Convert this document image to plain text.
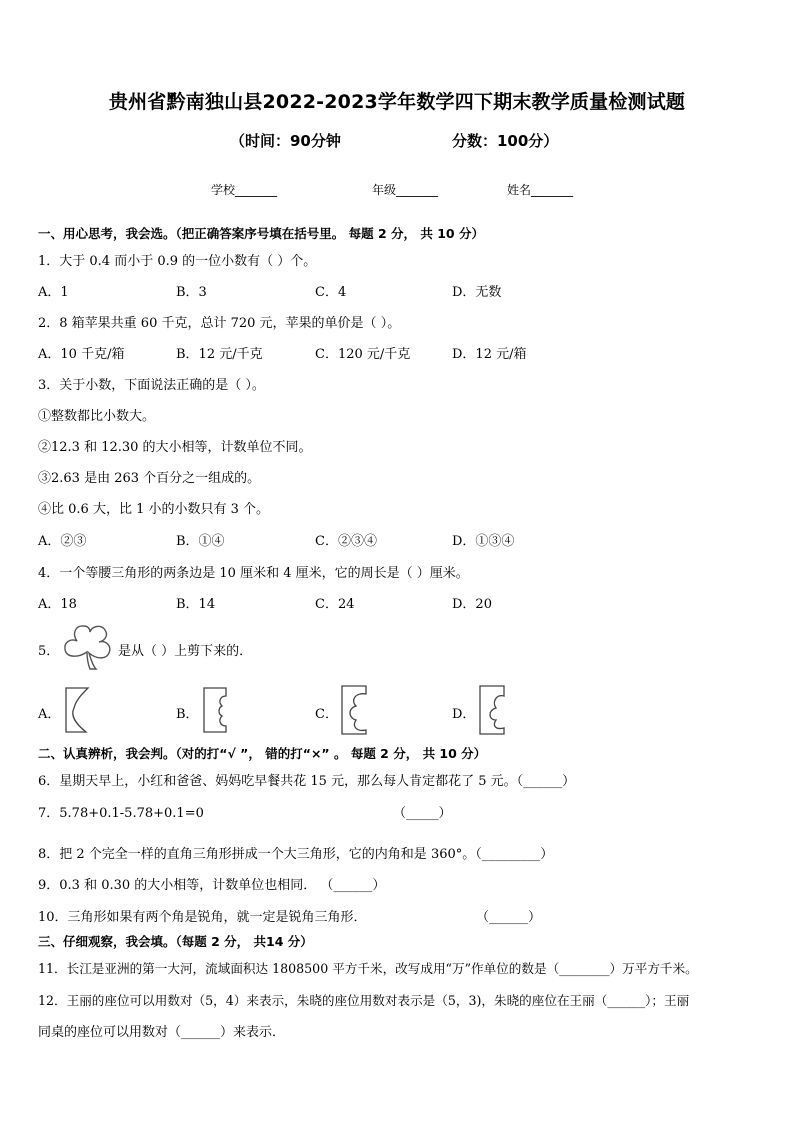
贵州省黔南独山县2022-2023学年数学四下期末教学质量检测试题
（时间：90分钟	分数：100分）
学校_______	年级_______	姓名_______
一、用心思考，我会选。（把正确答案序号填在括号里。 每题 2 分， 共 10 分）
1．大于 0.4 而小于 0.9 的一位小数有（ ）个。
A．1	B．3	C．4	D．无数
2．8 箱苹果共重 60 千克，总计 720 元，苹果的单价是（ ）。
A．10 千克/箱	B．12 元/千克	C．120 元/千克	D．12 元/箱
3．关于小数，下面说法正确的是（ ）。
①整数都比小数大。
②12.3 和 12.30 的大小相等，计数单位不同。
③2.63 是由 263 个百分之一组成的。
④比 0.6 大，比 1 小的小数只有 3 个。
A．②③	B．①④	C．②③④	D．①③④
4．一个等腰三角形的两条边是 10 厘米和 4 厘米，它的周长是（ ）厘米。
A．18	B．14	C．24	D．20
5．	是从（ ）上剪下来的．
A．	B．	C．	D．
二、认真辨析，我会判。（对的打“√ ”， 错的打“×” 。 每题 2 分， 共 10 分）
6．星期天早上，小红和爸爸、妈妈吃早餐共花 15 元，那么每人肯定都花了 5 元。（______）
7．5.78+0.1-5.78+0.1=0	（_____）
8．把 2 个完全一样的直角三角形拼成一个大三角形，它的内角和是 360°。（_________）
9．0.3 和 0.30 的大小相等，计数单位也相同． （______）
10．三角形如果有两个角是锐角，就一定是锐角三角形．	（______）
三、仔细观察，我会填。（每题 2 分， 共14 分）
11．长江是亚洲的第一大河，流域面积达 1808500 平方千米，改写成用“万”作单位的数是（________）万平方千米。
12．王丽的座位可以用数对（5，4）来表示，朱晓的座位用数对表示是（5，3)，朱晓的座位在王丽（______）；王丽
同桌的座位可以用数对（______）来表示．
